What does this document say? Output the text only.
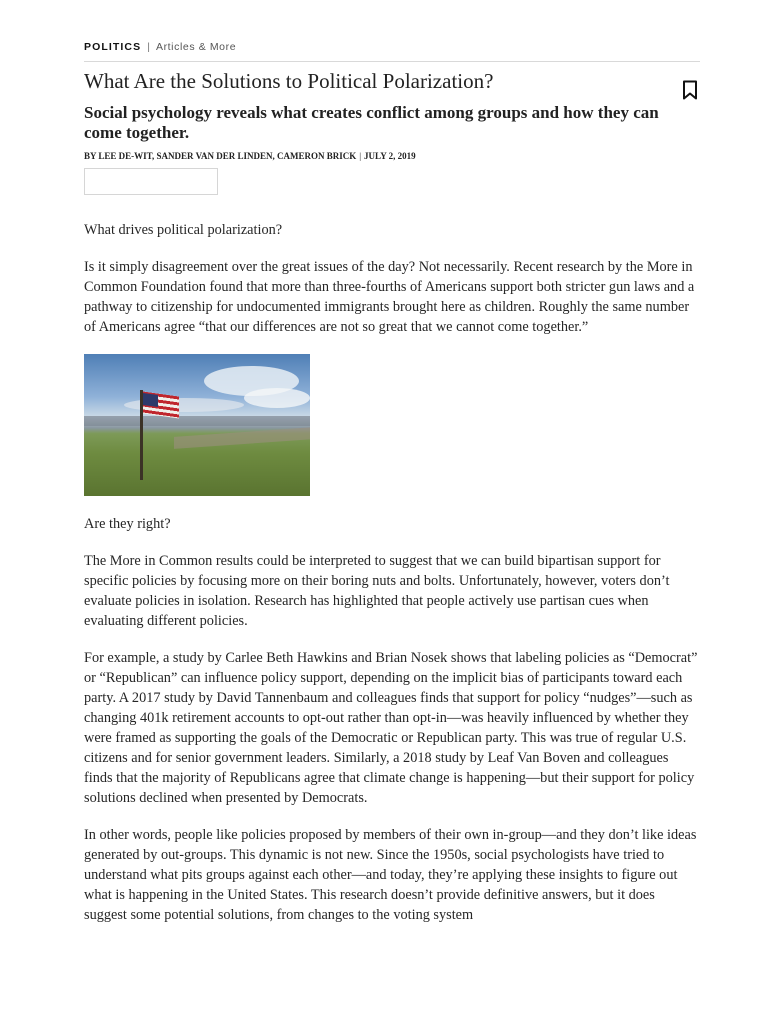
POLITICS | Articles & More
What Are the Solutions to Political Polarization?
Social psychology reveals what creates conflict among groups and how they can come together.
BY LEE DE-WIT, SANDER VAN DER LINDEN, CAMERON BRICK | JULY 2, 2019

What drives political polarization?

Is it simply disagreement over the great issues of the day? Not necessarily. Recent research by the More in Common Foundation found that more than three-fourths of Americans support both stricter gun laws and a pathway to citizenship for undocumented immigrants brought here as children. Roughly the same number of Americans agree “that our differences are not so great that we cannot come together.”

Are they right?

The More in Common results could be interpreted to suggest that we can build bipartisan support for specific policies by focusing more on their boring nuts and bolts. Unfortunately, however, voters don’t evaluate policies in isolation. Research has highlighted that people actively use partisan cues when evaluating different policies.

For example, a study by Carlee Beth Hawkins and Brian Nosek shows that labeling policies as “Democrat” or “Republican” can influence policy support, depending on the implicit bias of participants toward each party. A 2017 study by David Tannenbaum and colleagues finds that support for policy “nudges”—such as changing 401k retirement accounts to opt-out rather than opt-in—was heavily influenced by whether they were framed as supporting the goals of the Democratic or Republican party. This was true of regular U.S. citizens and for senior government leaders. Similarly, a 2018 study by Leaf Van Boven and colleagues finds that the majority of Republicans agree that climate change is happening—but their support for policy solutions declined when presented by Democrats.

In other words, people like policies proposed by members of their own in-group—and they don’t like ideas generated by out-groups. This dynamic is not new. Since the 1950s, social psychologists have tried to understand what pits groups against each other—and today, they’re applying these insights to figure out what is happening in the United States. This research doesn’t provide definitive answers, but it does suggest some potential solutions, from changes to the voting system
